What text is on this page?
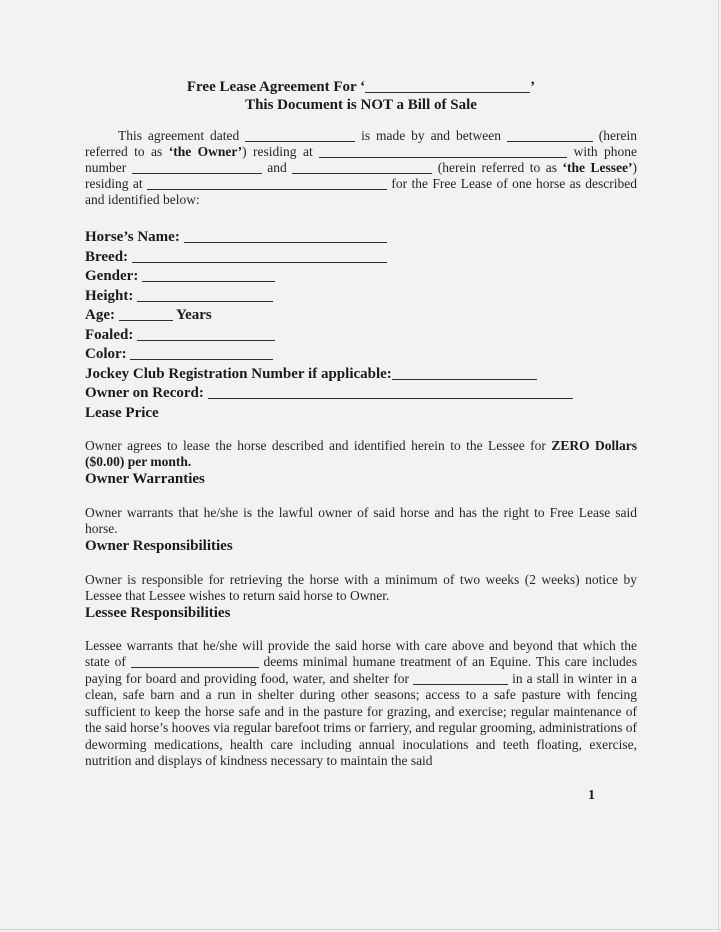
Free Lease Agreement For ‘	’
This Document is NOT a Bill of Sale

This agreement dated	is made by and between	(herein referred to as ‘the Owner’) residing at	with phone number	and	(herein referred to as ‘the Lessee’) residing at	for the Free Lease of one horse as described and identified below:

Horse’s Name:
Breed:
Gender:
Height:
Age:	Years
Foaled:
Color:
Jockey Club Registration Number if applicable:
Owner on Record:
Lease Price

Owner agrees to lease the horse described and identified herein to the Lessee for ZERO Dollars ($0.00) per month.

Owner Warranties

Owner warrants that he/she is the lawful owner of said horse and has the right to Free Lease said horse.

Owner Responsibilities

Owner is responsible for retrieving the horse with a minimum of two weeks (2 weeks) notice by Lessee that Lessee wishes to return said horse to Owner.

Lessee Responsibilities

Lessee warrants that he/she will provide the said horse with care above and beyond that which the state of	deems minimal humane treatment of an Equine. This care includes paying for board and providing food, water, and shelter for	in a stall in winter in a clean, safe barn and a run in shelter during other seasons; access to a safe pasture with fencing sufficient to keep the horse safe and in the pasture for grazing, and exercise; regular maintenance of the said horse’s hooves via regular barefoot trims or farriery, and regular grooming, administrations of deworming medications, health care including annual inoculations and teeth floating, exercise, nutrition and displays of kindness necessary to maintain the said

1
